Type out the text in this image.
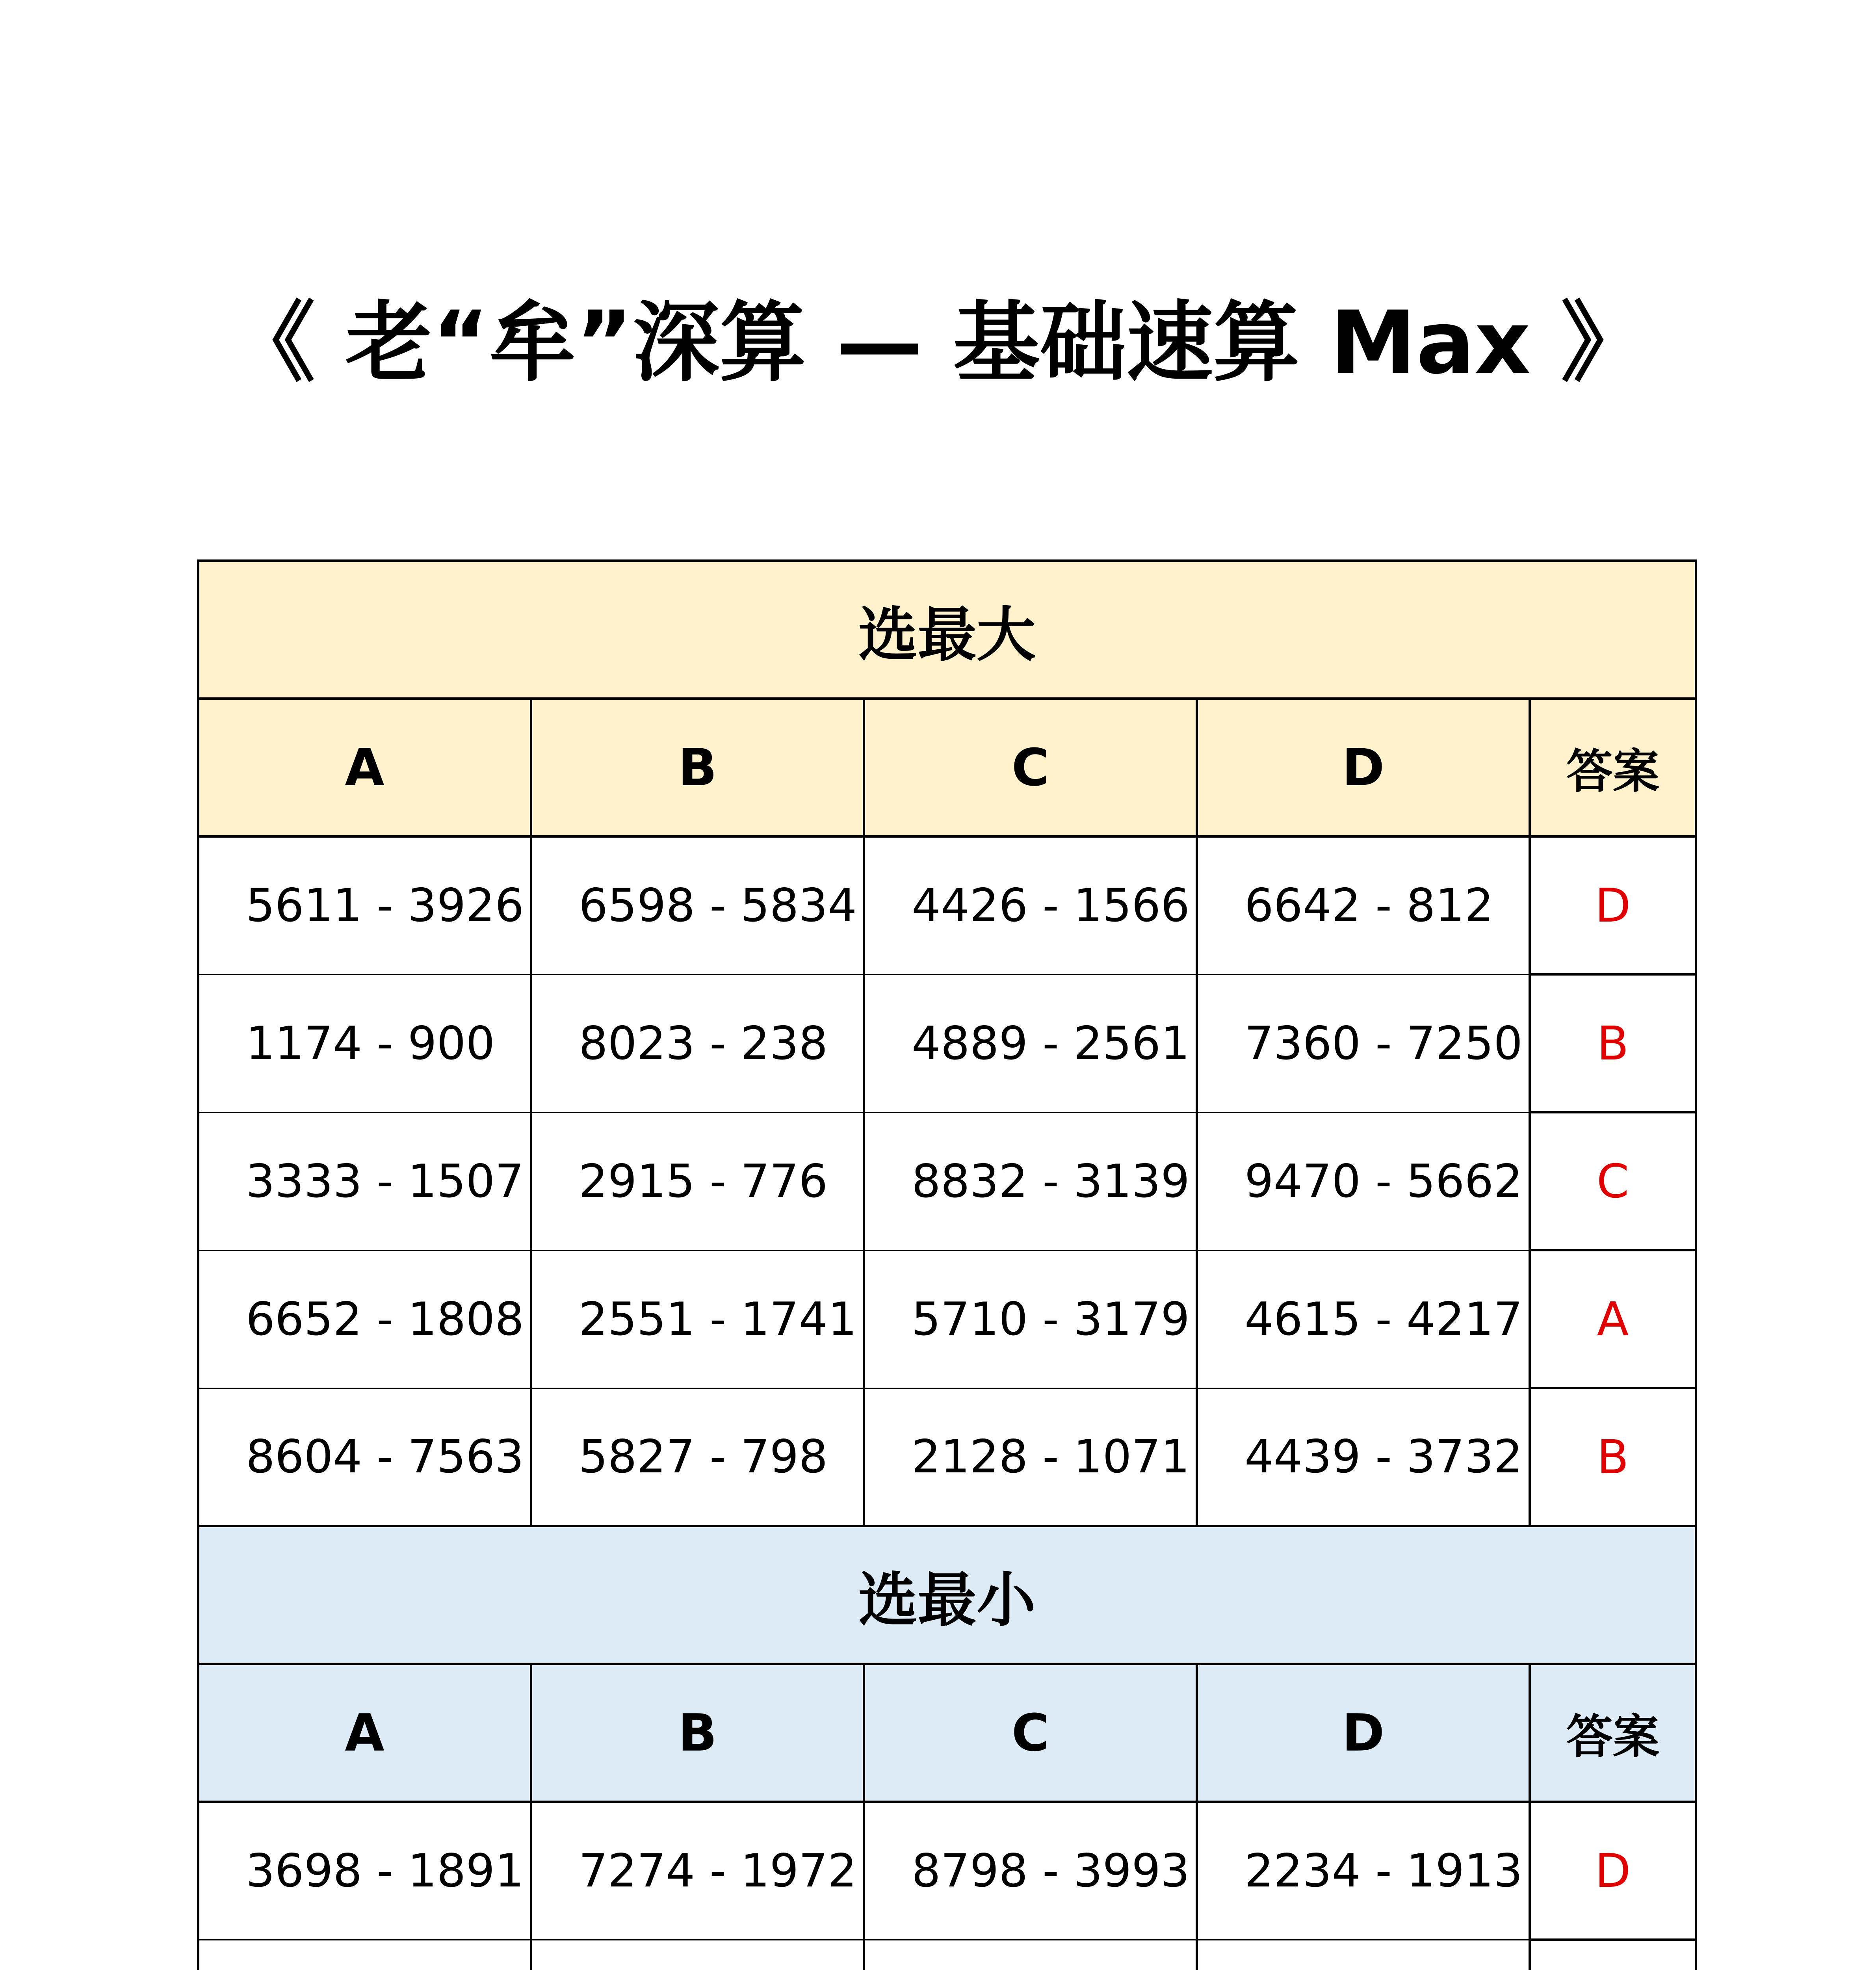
《 老“牟”深算 — 基础速算 Max 》
选最大				
A	B	C	D	答案
5611 - 3926	6598 - 5834	4426 - 1566	6642 - 812	D
1174 - 900	8023 - 238	4889 - 2561	7360 - 7250	B
3333 - 1507	2915 - 776	8832 - 3139	9470 - 5662	C
6652 - 1808	2551 - 1741	5710 - 3179	4615 - 4217	A
8604 - 7563	5827 - 798	2128 - 1071	4439 - 3732	B
选最小				
A	B	C	D	答案
3698 - 1891	7274 - 1972	8798 - 3993	2234 - 1913	D
